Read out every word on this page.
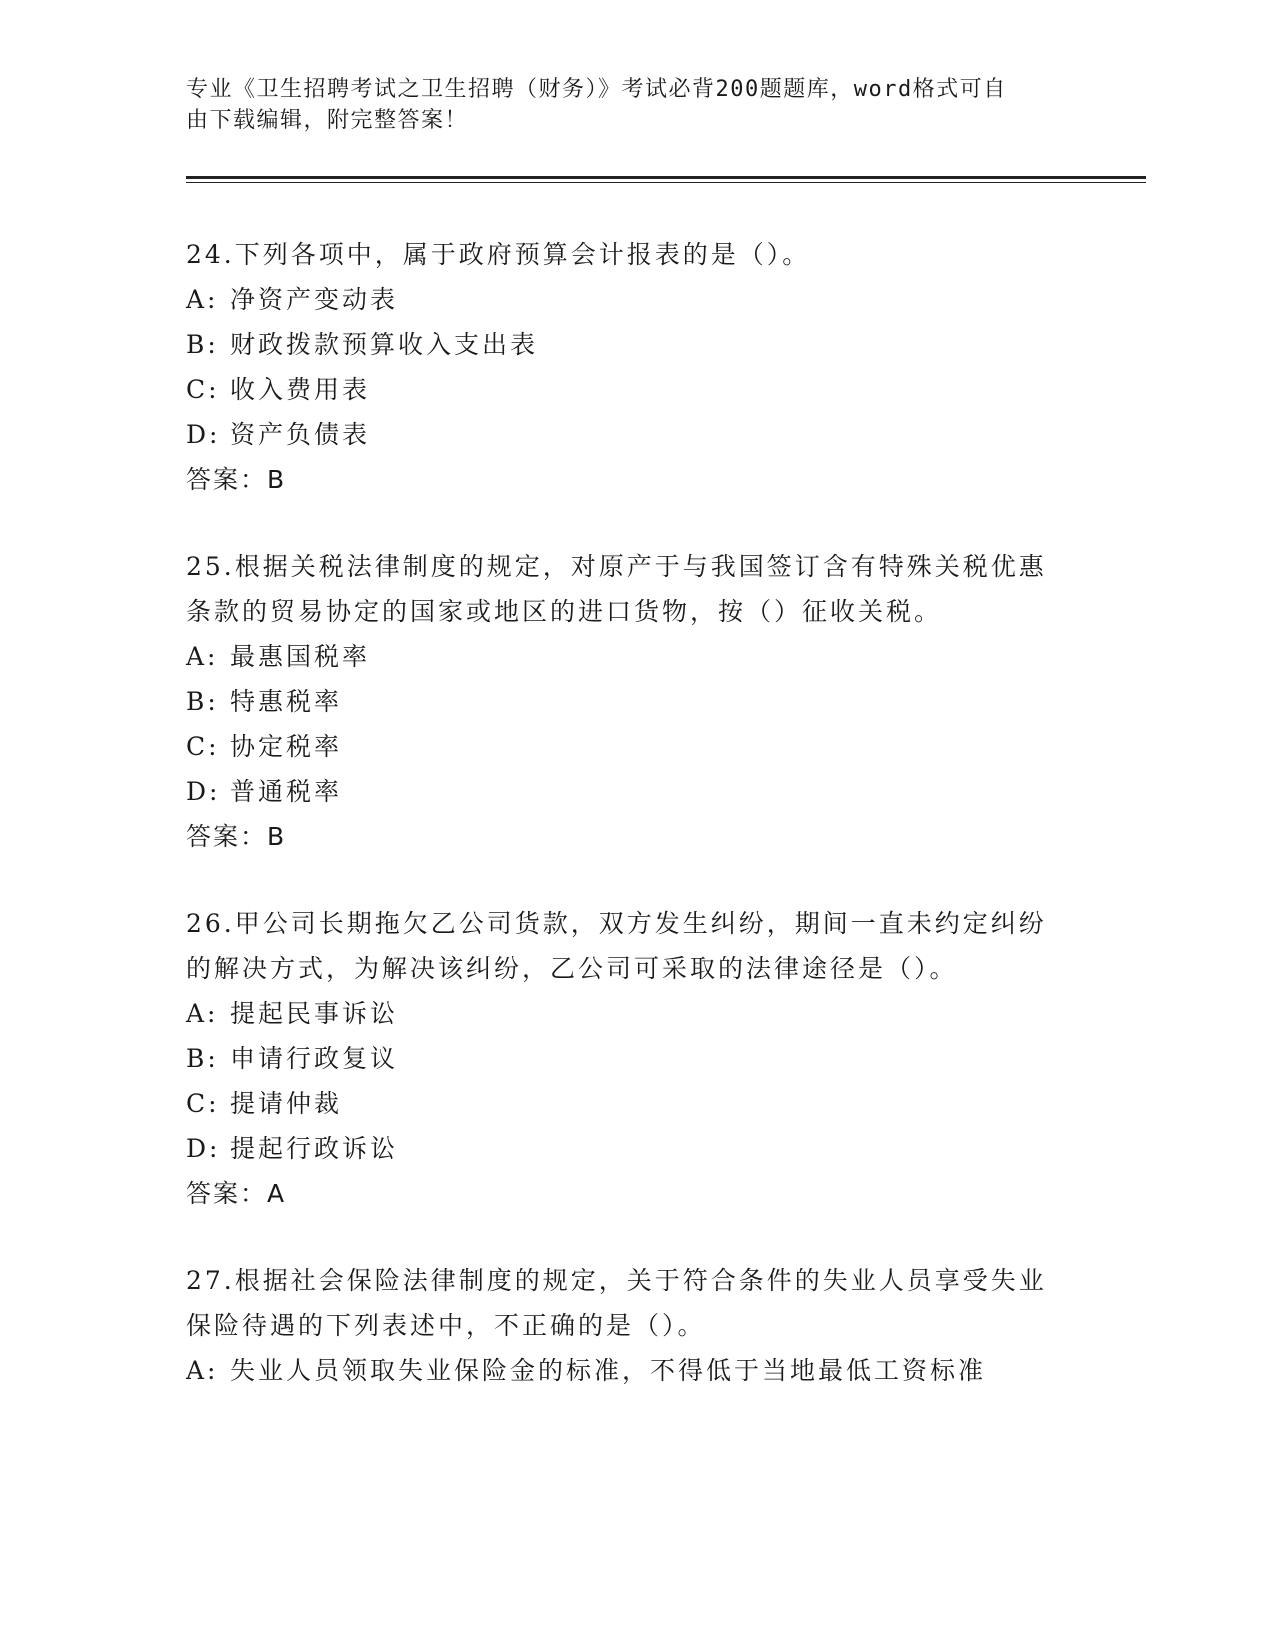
专业《卫生招聘考试之卫生招聘（财务）》考试必背200题题库，word格式可自
由下载编辑，附完整答案！
24.下列各项中，属于政府预算会计报表的是（）。
A: 净资产变动表
B: 财政拨款预算收入支出表
C: 收入费用表
D: 资产负债表
答案：B
25.根据关税法律制度的规定，对原产于与我国签订含有特殊关税优惠
条款的贸易协定的国家或地区的进口货物，按（）征收关税。
A: 最惠国税率
B: 特惠税率
C: 协定税率
D: 普通税率
答案：B
26.甲公司长期拖欠乙公司货款，双方发生纠纷，期间一直未约定纠纷
的解决方式，为解决该纠纷，乙公司可采取的法律途径是（）。
A: 提起民事诉讼
B: 申请行政复议
C: 提请仲裁
D: 提起行政诉讼
答案：A
27.根据社会保险法律制度的规定，关于符合条件的失业人员享受失业
保险待遇的下列表述中，不正确的是（）。
A: 失业人员领取失业保险金的标准，不得低于当地最低工资标准
